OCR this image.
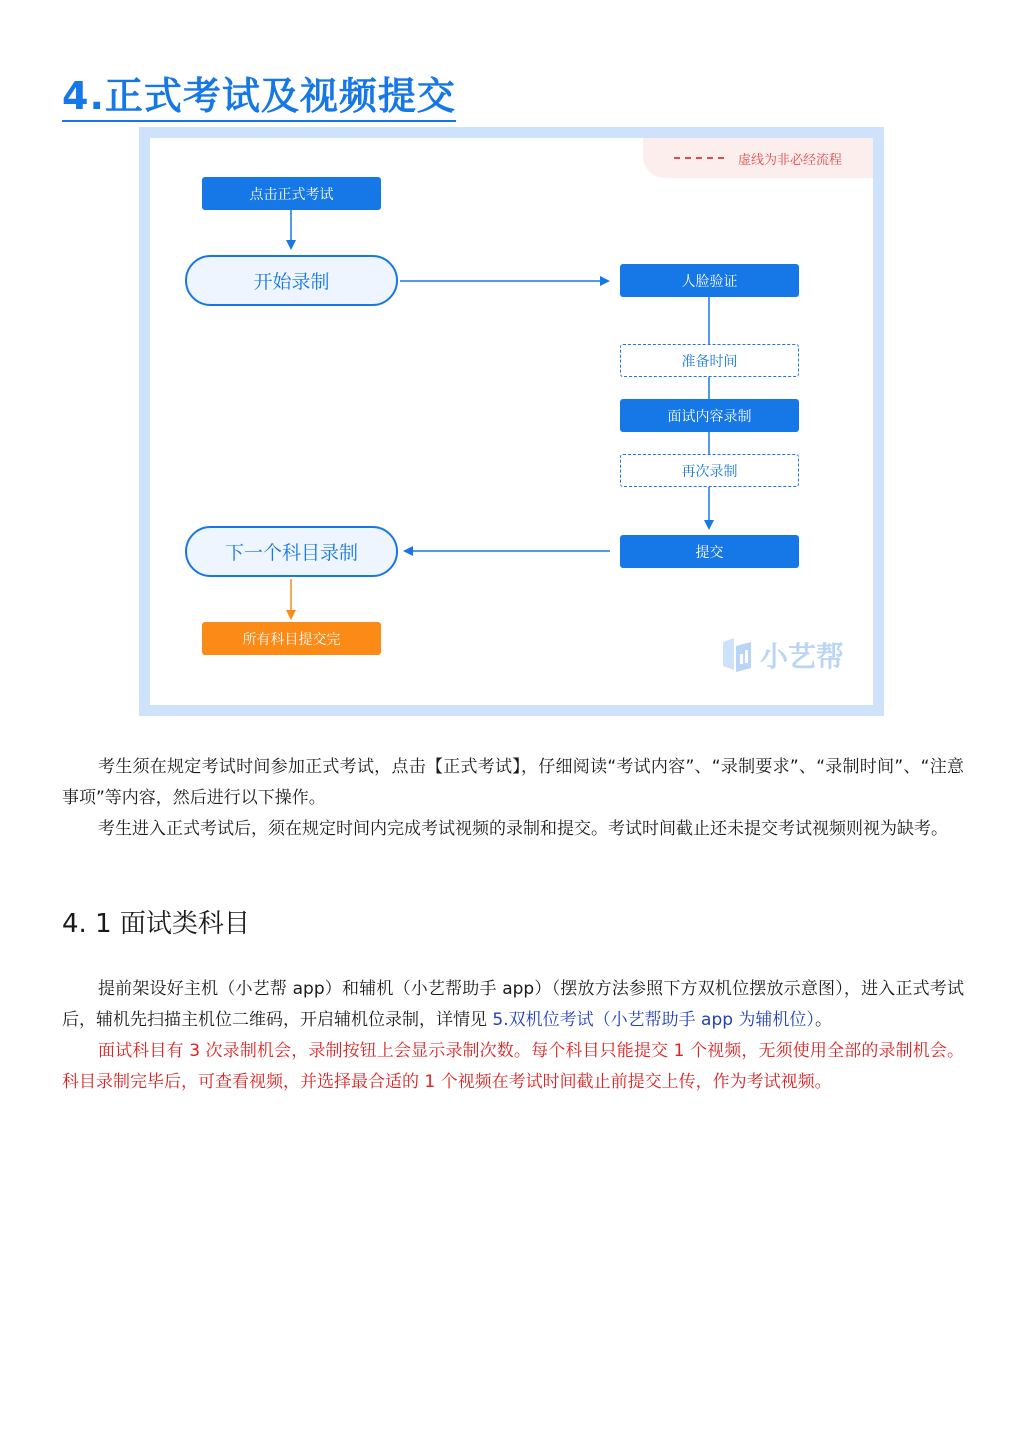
4.正式考试及视频提交
虚线为非必经流程
点击正式考试
开始录制	人脸验证
准备时间
面试内容录制
再次录制
提交
下一个科目录制
所有科目提交完
小艺帮

考生须在规定考试时间参加正式考试，点击【正式考试】，仔细阅读“考试内容”、“录制要求”、“录制时间”、“注意事项”等内容，然后进行以下操作。

考生进入正式考试后，须在规定时间内完成考试视频的录制和提交。考试时间截止还未提交考试视频则视为缺考。

4. 1 面试类科目

提前架设好主机（小艺帮 app）和辅机（小艺帮助手 app）（摆放方法参照下方双机位摆放示意图），进入正式考试后，辅机先扫描主机位二维码，开启辅机位录制，详情见 5.双机位考试（小艺帮助手 app 为辅机位）。

面试科目有 3 次录制机会，录制按钮上会显示录制次数。每个科目只能提交 1 个视频，无须使用全部的录制机会。科目录制完毕后，可查看视频，并选择最合适的 1 个视频在考试时间截止前提交上传，作为考试视频。
